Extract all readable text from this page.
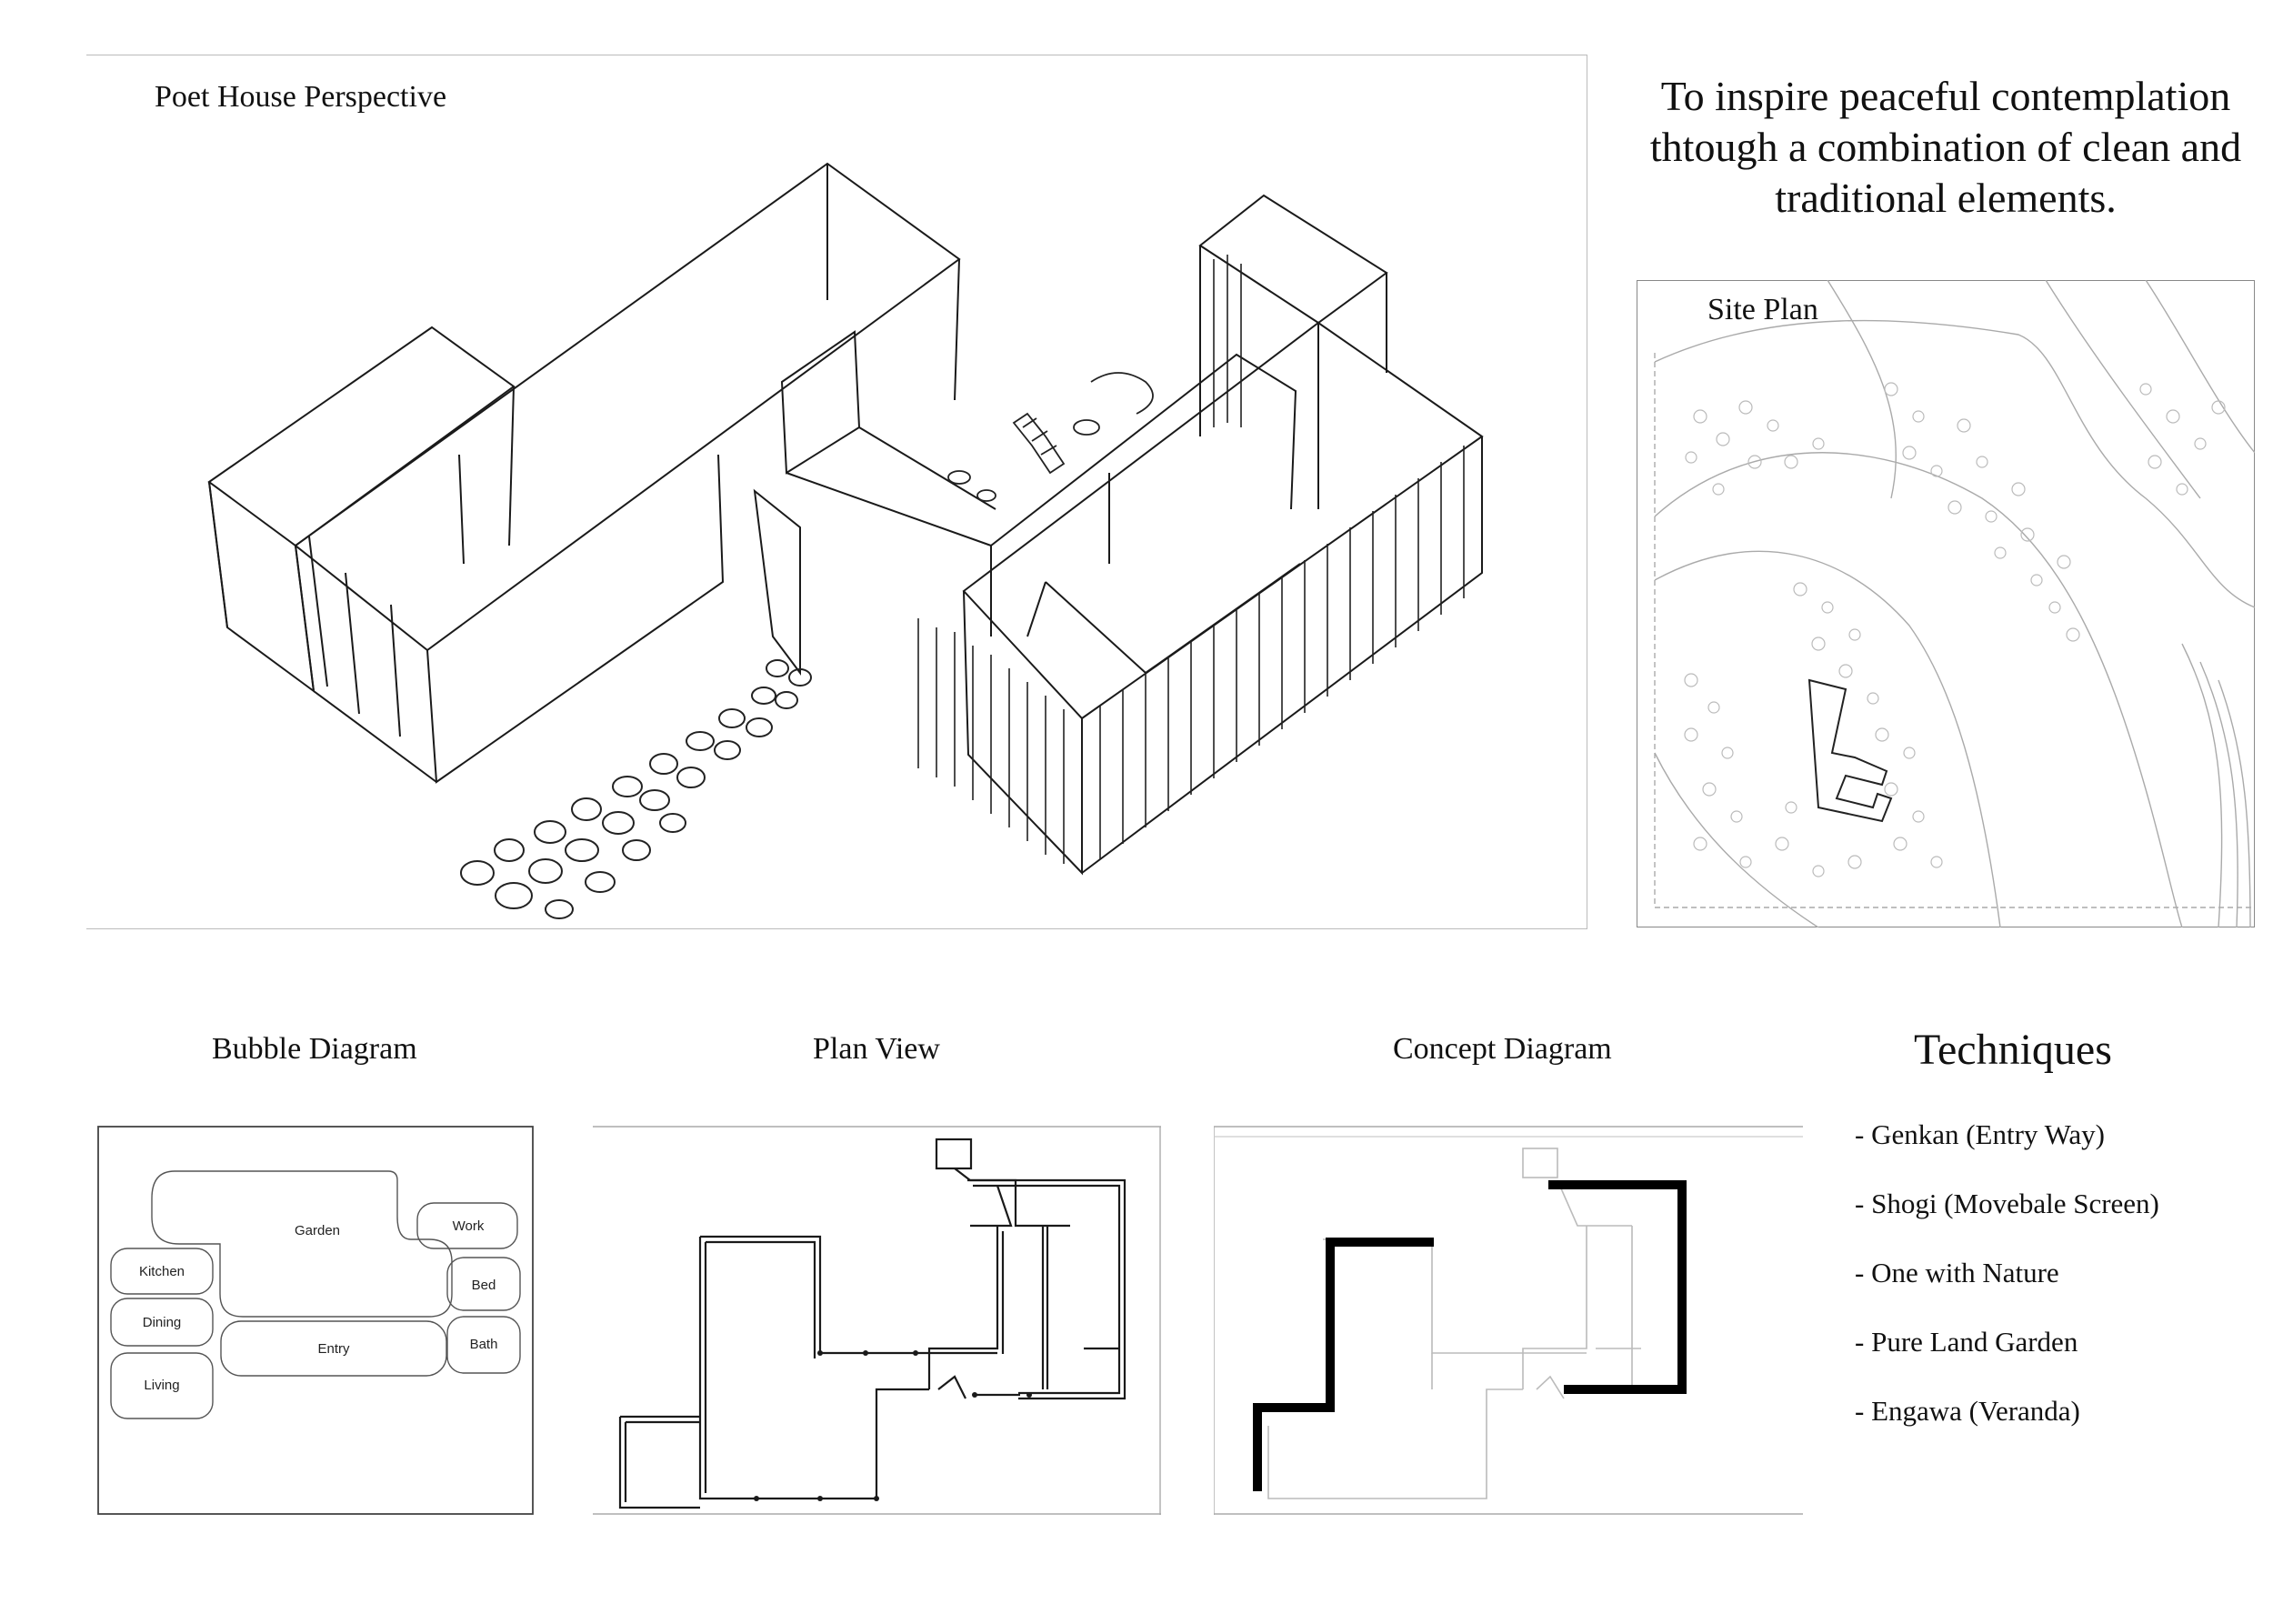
Poet House Perspective	To inspire peaceful contemplation
thtough a combination of clean and
traditional elements.
Site Plan
Bubble Diagram
Garden	Work
Kitchen
Bed
Dining
Entry	Bath
Living
Plan View	Concept Diagram	Techniques
- Genkan (Entry Way)
- Shogi (Movebale Screen)
- One with Nature
- Pure Land Garden
- Engawa (Veranda)
